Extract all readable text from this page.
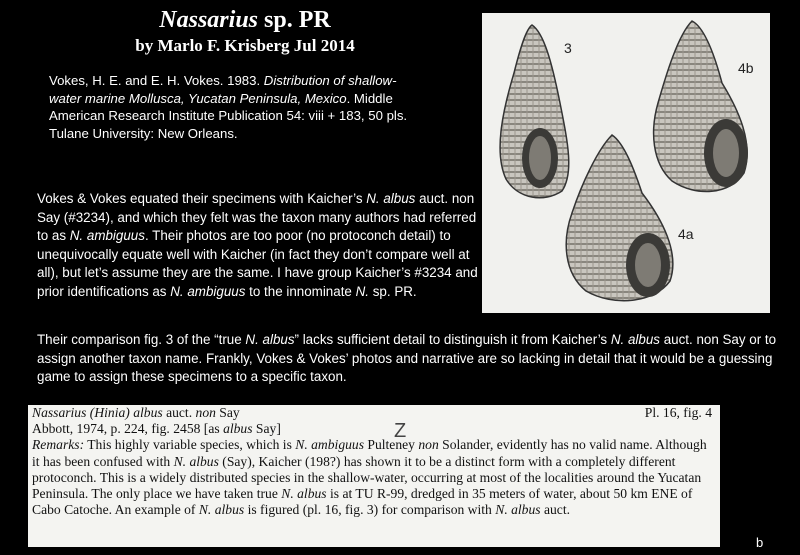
Nassarius sp. PR
by Marlo F. Krisberg Jul 2014
Vokes, H. E. and E. H. Vokes. 1983. Distribution of shallow-water marine Mollusca, Yucatan Peninsula, Mexico. Middle American Research Institute Publication 54: viii + 183, 50 pls. Tulane University: New Orleans.
Vokes & Vokes equated their specimens with Kaicher’s N. albus auct. non Say (#3234), and which they felt was the taxon many authors had referred to as N. ambiguus. Their photos are too poor (no protoconch detail) to unequivocally equate well with Kaicher (in fact they don’t compare well at all), but let’s assume they are the same. I have group Kaicher’s #3234 and prior identifications as N. ambiguus to the innominate N. sp. PR.
Their comparison fig. 3 of the “true N. albus” lacks sufficient detail to distinguish it from Kaicher’s N. albus auct. non Say or to assign another taxon name. Frankly, Vokes & Vokes’ photos and narrative are so lacking in detail that it would be a guessing game to assign these specimens to a specific taxon.
3
4b
4a
Nassarius (Hinia) albus auct. non Say	Pl. 16, fig. 4
Abbott, 1974, p. 224, fig. 2458 [as albus Say]	Z
Remarks: This highly variable species, which is N. ambiguus Pulteney non Solander, evidently has no valid name. Although it has been confused with N. albus (Say), Kaicher (198?) has shown it to be a distinct form with a completely different protoconch. This is a widely distributed species in the shallow-water, occurring at most of the localities around the Yucatan Peninsula. The only place we have taken true N. albus is at TU R-99, dredged in 35 meters of water, about 50 km ENE of Cabo Catoche. An example of N. albus is figured (pl. 16, fig. 3) for comparison with N. albus auct.
b
